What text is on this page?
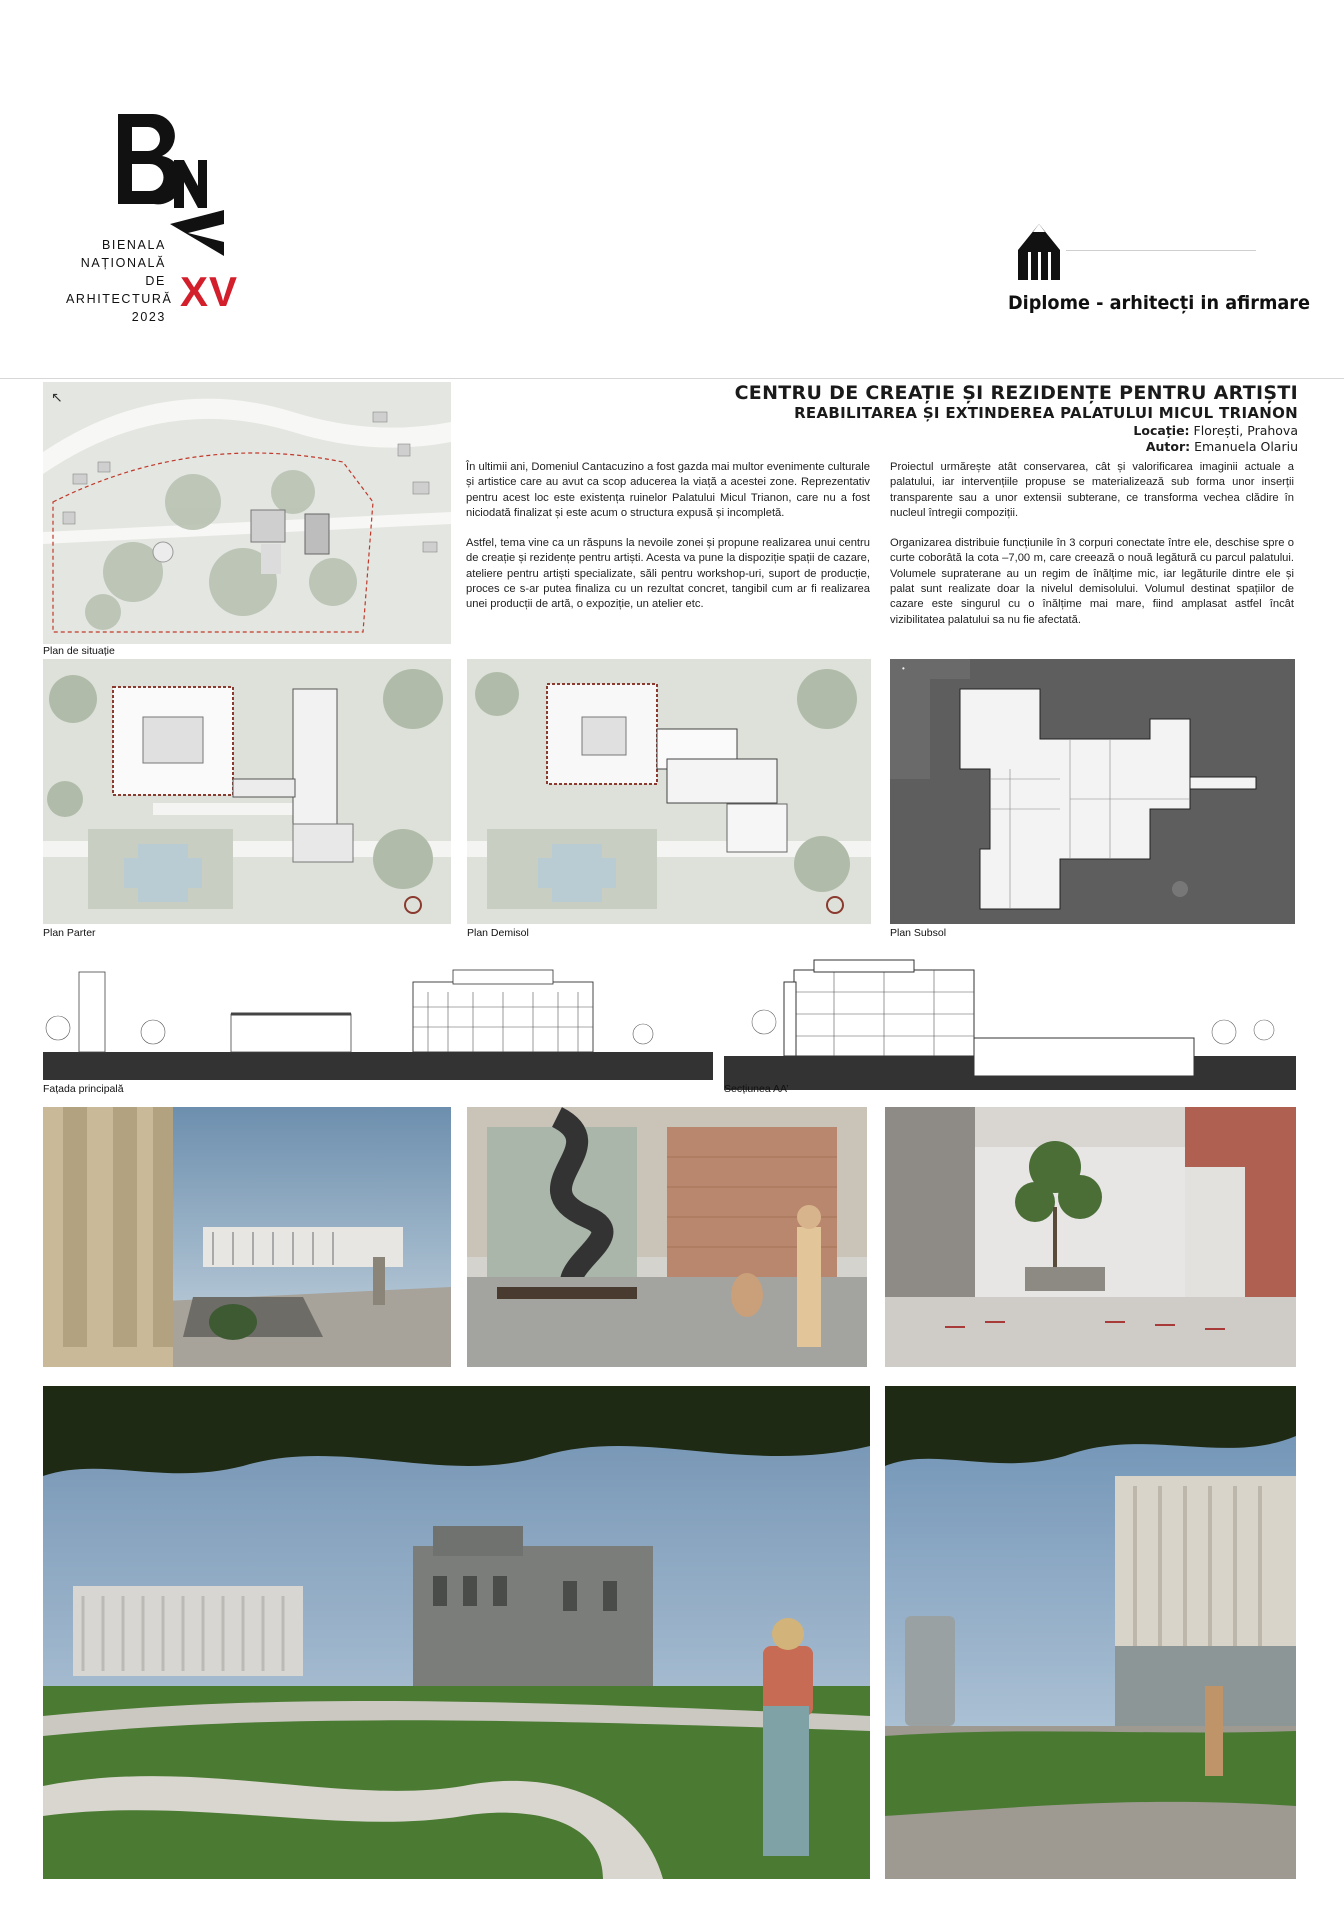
BIENALA
NAȚIONALĂ
DE
ARHITECTURĂ
2023
XV	Diplome - arhitecți in afirmare
CENTRU DE CREAȚIE ȘI REZIDENȚE PENTRU ARTIȘTI
REABILITAREA ȘI EXTINDEREA PALATULUI MICUL TRIANON
Locație: Florești, Prahova
Autor: Emanuela Olariu

În ultimii ani, Domeniul Cantacuzino a fost gazda mai multor evenimente culturale și artistice care au avut ca scop aducerea la viață a acestei zone. Reprezentativ pentru acest loc este existența ruinelor Palatului Micul Trianon, care nu a fost niciodată finalizat și este acum o structura expusă și incompletă.

Astfel, tema vine ca un răspuns la nevoile zonei și propune realizarea unui centru de creație și rezidențe pentru artiști. Acesta va pune la dispoziție spații de cazare, ateliere pentru artiști specializate, săli pentru workshop-uri, suport de producție, proces ce s-ar putea finaliza cu un rezultat concret, tangibil cum ar fi realizarea unei producții de artă, o expoziție, un atelier etc.

Proiectul urmărește atât conservarea, cât și valorificarea imaginii actuale a palatului, iar intervențiile propuse se materializează sub forma unor inserții transparente sau a unor extensii subterane, ce transforma vechea clădire în nucleul întregii compoziții.

Organizarea distribuie funcțiunile în 3 corpuri conectate între ele, deschise spre o curte coborâtă la cota –7,00 m, care creează o nouă legătură cu parcul palatului. Volumele supraterane au un regim de înălțime mic, iar legăturile dintre ele și palat sunt realizate doar la nivelul demisolului. Volumul destinat spațiilor de cazare este singurul cu o înălțime mai mare, fiind amplasat astfel încât vizibilitatea palatului sa nu fie afectată.

↖
Plan de situație
Plan Parter	Plan Demisol
•
Plan Subsol
Fațada principală	Secțiunea AA’
